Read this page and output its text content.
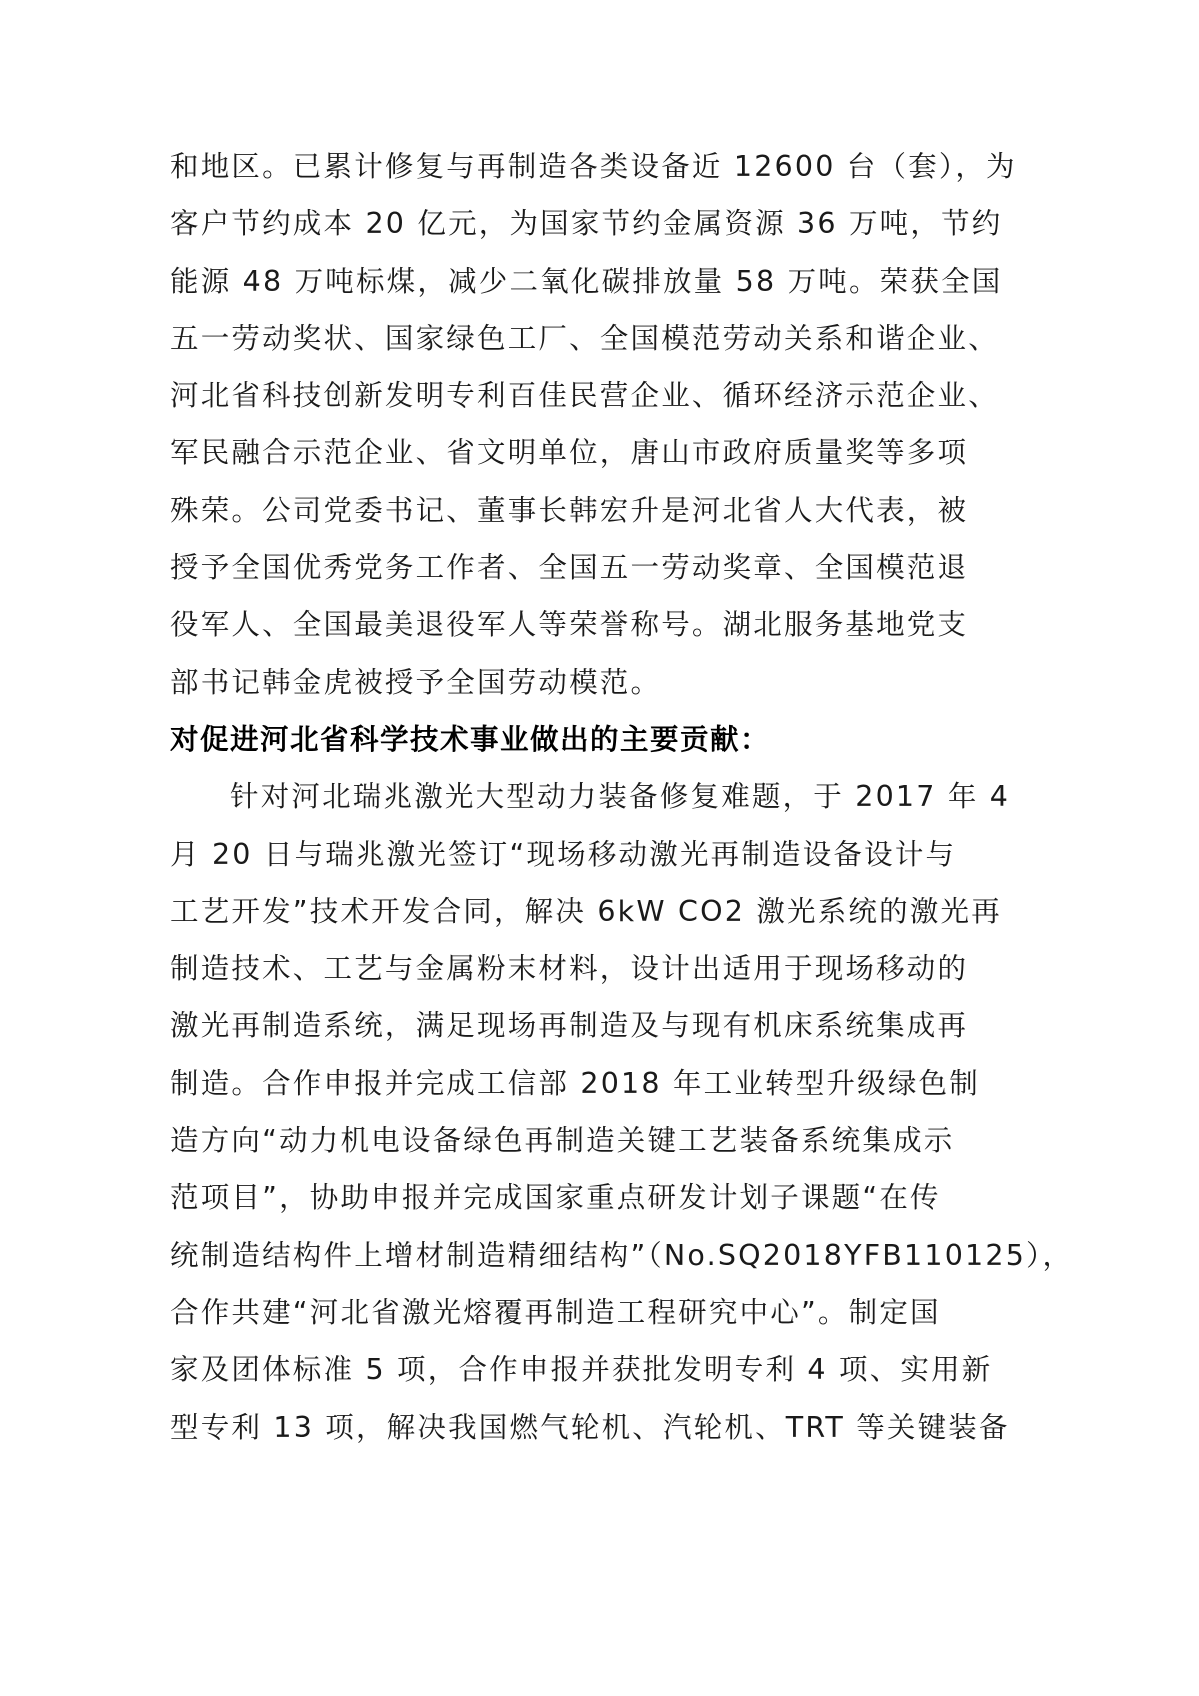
和地区。已累计修复与再制造各类设备近 12600 台（套），为
客户节约成本 20 亿元，为国家节约金属资源 36 万吨，节约
能源 48 万吨标煤，减少二氧化碳排放量 58 万吨。荣获全国
五一劳动奖状、国家绿色工厂、全国模范劳动关系和谐企业、
河北省科技创新发明专利百佳民营企业、循环经济示范企业、
军民融合示范企业、省文明单位，唐山市政府质量奖等多项
殊荣。公司党委书记、董事长韩宏升是河北省人大代表，被
授予全国优秀党务工作者、全国五一劳动奖章、全国模范退
役军人、全国最美退役军人等荣誉称号。湖北服务基地党支
部书记韩金虎被授予全国劳动模范。
对促进河北省科学技术事业做出的主要贡献：
针对河北瑞兆激光大型动力装备修复难题，于 2017 年 4
月 20 日与瑞兆激光签订“现场移动激光再制造设备设计与
工艺开发”技术开发合同，解决 6kW CO2 激光系统的激光再
制造技术、工艺与金属粉末材料，设计出适用于现场移动的
激光再制造系统，满足现场再制造及与现有机床系统集成再
制造。合作申报并完成工信部 2018 年工业转型升级绿色制
造方向“动力机电设备绿色再制造关键工艺装备系统集成示
范项目”，协助申报并完成国家重点研发计划子课题“在传
统制造结构件上增材制造精细结构”（No.SQ2018YFB110125），
合作共建“河北省激光熔覆再制造工程研究中心”。制定国
家及团体标准 5 项，合作申报并获批发明专利 4 项、实用新
型专利 13 项，解决我国燃气轮机、汽轮机、TRT 等关键装备
